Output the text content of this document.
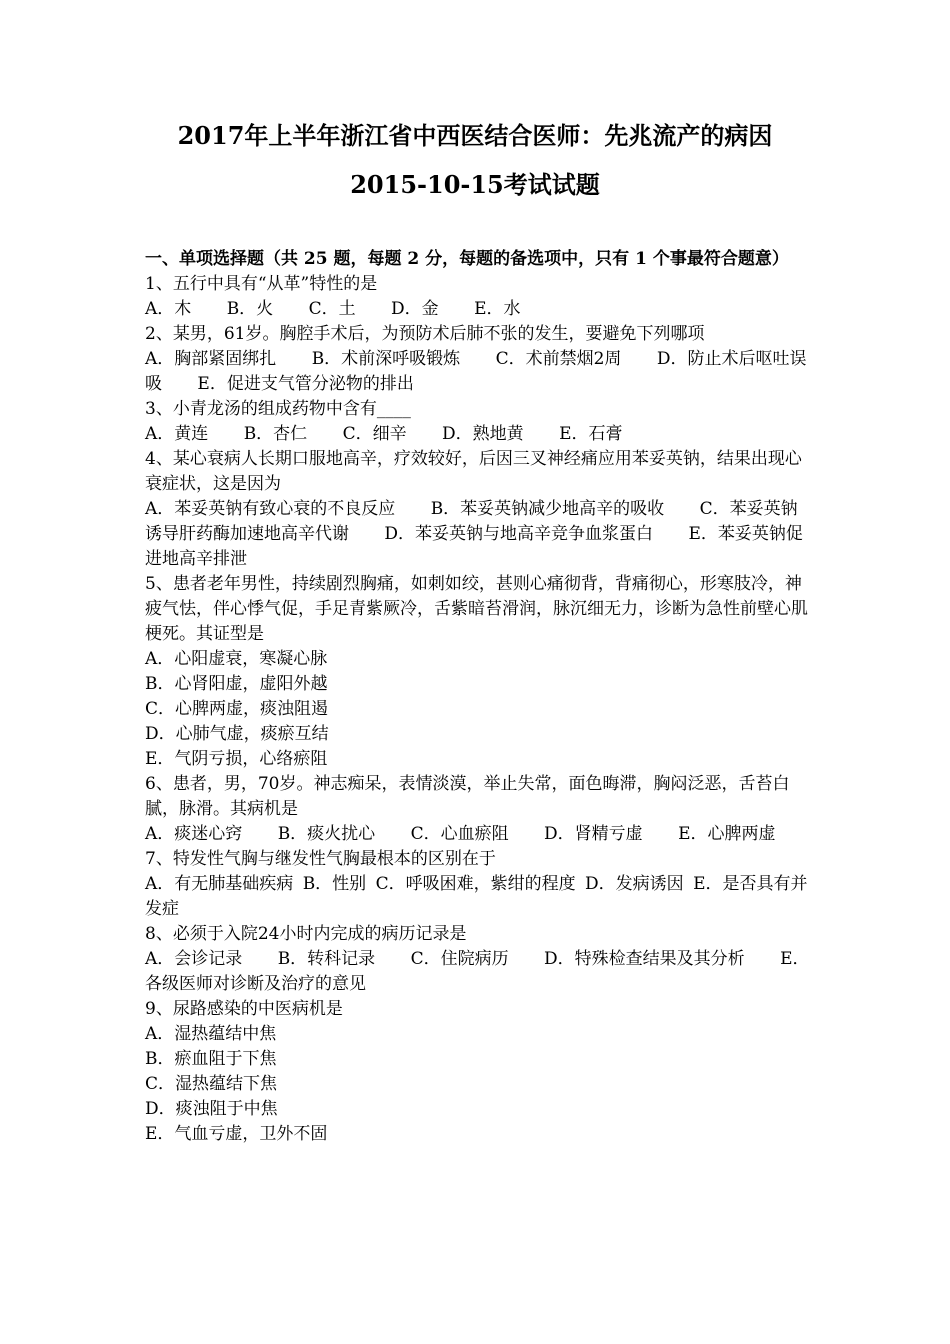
2017年上半年浙江省中西医结合医师：先兆流产的病因
2015-10-15考试试题

一、单项选择题（共 25 题，每题 2 分，每题的备选项中，只有 1 个事最符合题意）

1、五行中具有“从革”特性的是

A．木 B．火 C．土 D．金 E．水

2、某男，61岁。胸腔手术后，为预防术后肺不张的发生，要避免下列哪项

A．胸部紧固绑扎 B．术前深呼吸锻炼 C．术前禁烟2周 D．防止术后呕吐误吸 E．促进支气管分泌物的排出

3、小青龙汤的组成药物中含有____

A．黄连 B．杏仁 C．细辛 D．熟地黄 E．石膏

4、某心衰病人长期口服地高辛，疗效较好，后因三叉神经痛应用苯妥英钠，结果出现心衰症状，这是因为

A．苯妥英钠有致心衰的不良反应 B．苯妥英钠减少地高辛的吸收 C．苯妥英钠诱导肝药酶加速地高辛代谢 D．苯妥英钠与地高辛竞争血浆蛋白 E．苯妥英钠促进地高辛排泄

5、患者老年男性，持续剧烈胸痛，如刺如绞，甚则心痛彻背，背痛彻心，形寒肢冷，神疲气怯，伴心悸气促，手足青紫厥冷，舌紫暗苔滑润，脉沉细无力，诊断为急性前壁心肌梗死。其证型是

A．心阳虚衰，寒凝心脉

B．心肾阳虚，虚阳外越

C．心脾两虚，痰浊阻遏

D．心肺气虚，痰瘀互结

E．气阴亏损，心络瘀阻

6、患者，男，70岁。神志痴呆，表情淡漠，举止失常，面色晦滞，胸闷泛恶，舌苔白腻，脉滑。其病机是

A．痰迷心窍 B．痰火扰心 C．心血瘀阻 D．肾精亏虚 E．心脾两虚

7、特发性气胸与继发性气胸最根本的区别在于

A．有无肺基础疾病 B．性别 C．呼吸困难，紫绀的程度 D．发病诱因 E．是否具有并发症

8、必须于入院24小时内完成的病历记录是

A．会诊记录 B．转科记录 C．住院病历 D．特殊检查结果及其分析 E．各级医师对诊断及治疗的意见

9、尿路感染的中医病机是

A．湿热蕴结中焦

B．瘀血阻于下焦

C．湿热蕴结下焦

D．痰浊阻于中焦

E．气血亏虚，卫外不固
